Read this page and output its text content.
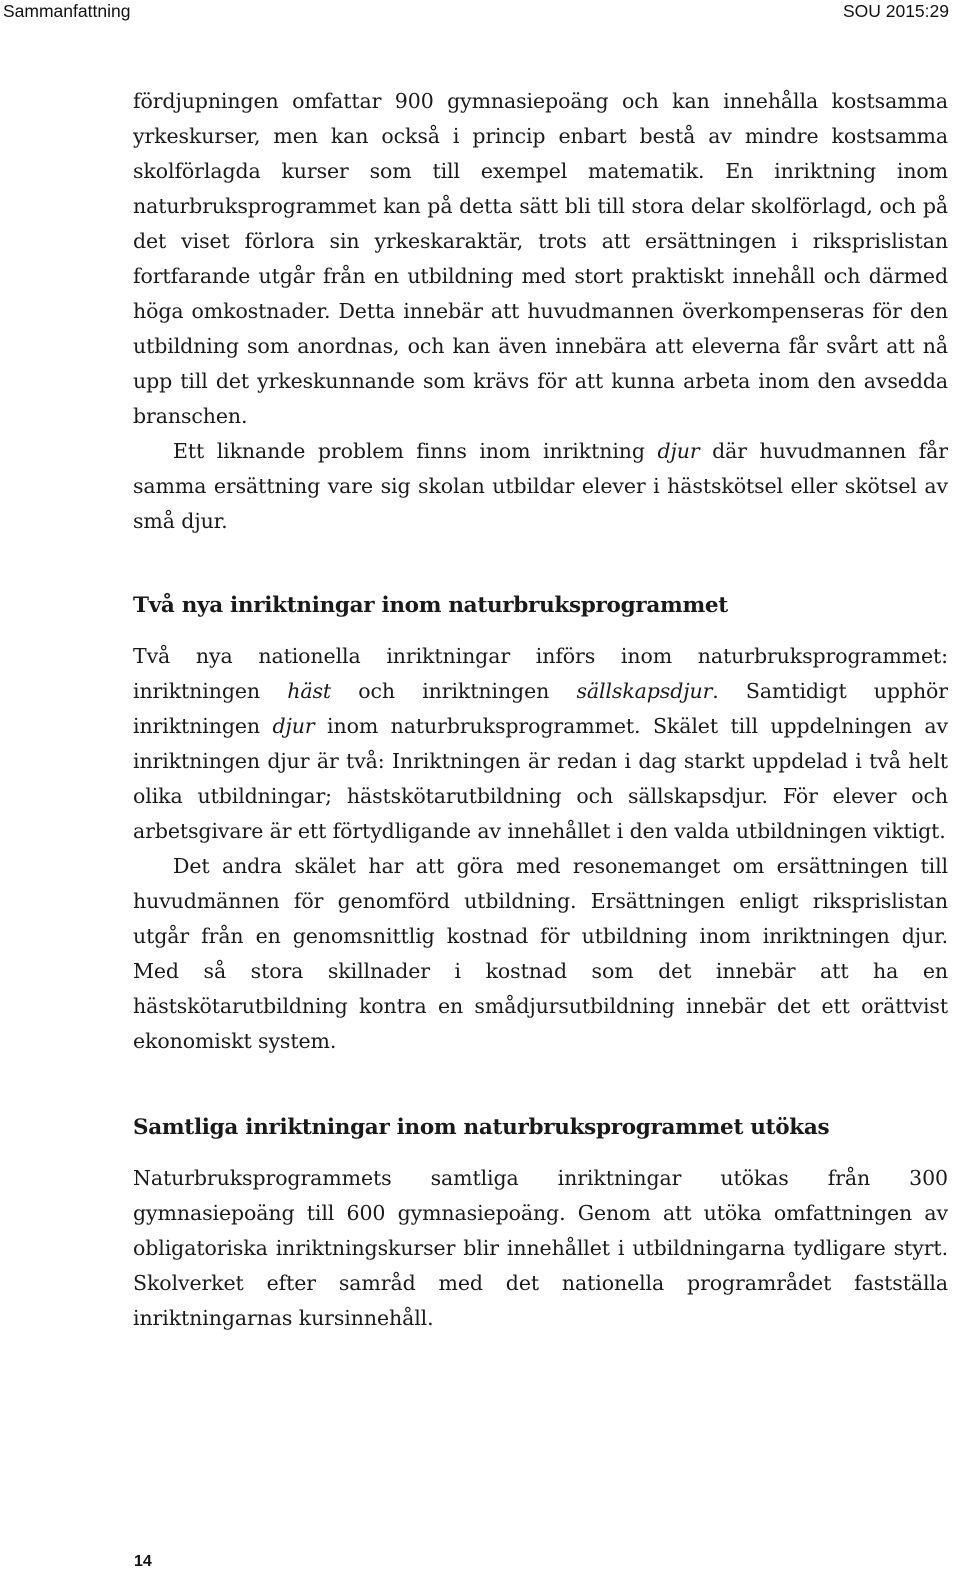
Sammanfattning	SOU 2015:29

fördjupningen omfattar 900 gymnasiepoäng och kan innehålla kostsamma yrkeskurser, men kan också i princip enbart bestå av mindre kostsamma skolförlagda kurser som till exempel matematik. En inriktning inom naturbruksprogrammet kan på detta sätt bli till stora delar skolförlagd, och på det viset förlora sin yrkeskaraktär, trots att ersättningen i riksprislistan fortfarande utgår från en utbildning med stort praktiskt innehåll och därmed höga omkostnader. Detta innebär att huvudmannen överkompenseras för den utbildning som anordnas, och kan även innebära att eleverna får svårt att nå upp till det yrkeskunnande som krävs för att kunna arbeta inom den avsedda branschen.

Ett liknande problem finns inom inriktning djur där huvudmannen får samma ersättning vare sig skolan utbildar elever i hästskötsel eller skötsel av små djur.

Två nya inriktningar inom naturbruksprogrammet

Två nya nationella inriktningar införs inom naturbruksprogrammet: inriktningen häst och inriktningen sällskapsdjur. Samtidigt upphör inriktningen djur inom naturbruksprogrammet. Skälet till uppdelningen av inriktningen djur är två: Inriktningen är redan i dag starkt uppdelad i två helt olika utbildningar; hästskötarutbildning och sällskapsdjur. För elever och arbetsgivare är ett förtydligande av innehållet i den valda utbildningen viktigt.

Det andra skälet har att göra med resonemanget om ersättningen till huvudmännen för genomförd utbildning. Ersättningen enligt riksprislistan utgår från en genomsnittlig kostnad för utbildning inom inriktningen djur. Med så stora skillnader i kostnad som det innebär att ha en hästskötarutbildning kontra en smådjursutbildning innebär det ett orättvist ekonomiskt system.

Samtliga inriktningar inom naturbruksprogrammet utökas

Naturbruksprogrammets samtliga inriktningar utökas från 300 gymnasiepoäng till 600 gymnasiepoäng. Genom att utöka omfattningen av obligatoriska inriktningskurser blir innehållet i utbildningarna tydligare styrt. Skolverket efter samråd med det nationella programrådet fastställa inriktningarnas kursinnehåll.

14
